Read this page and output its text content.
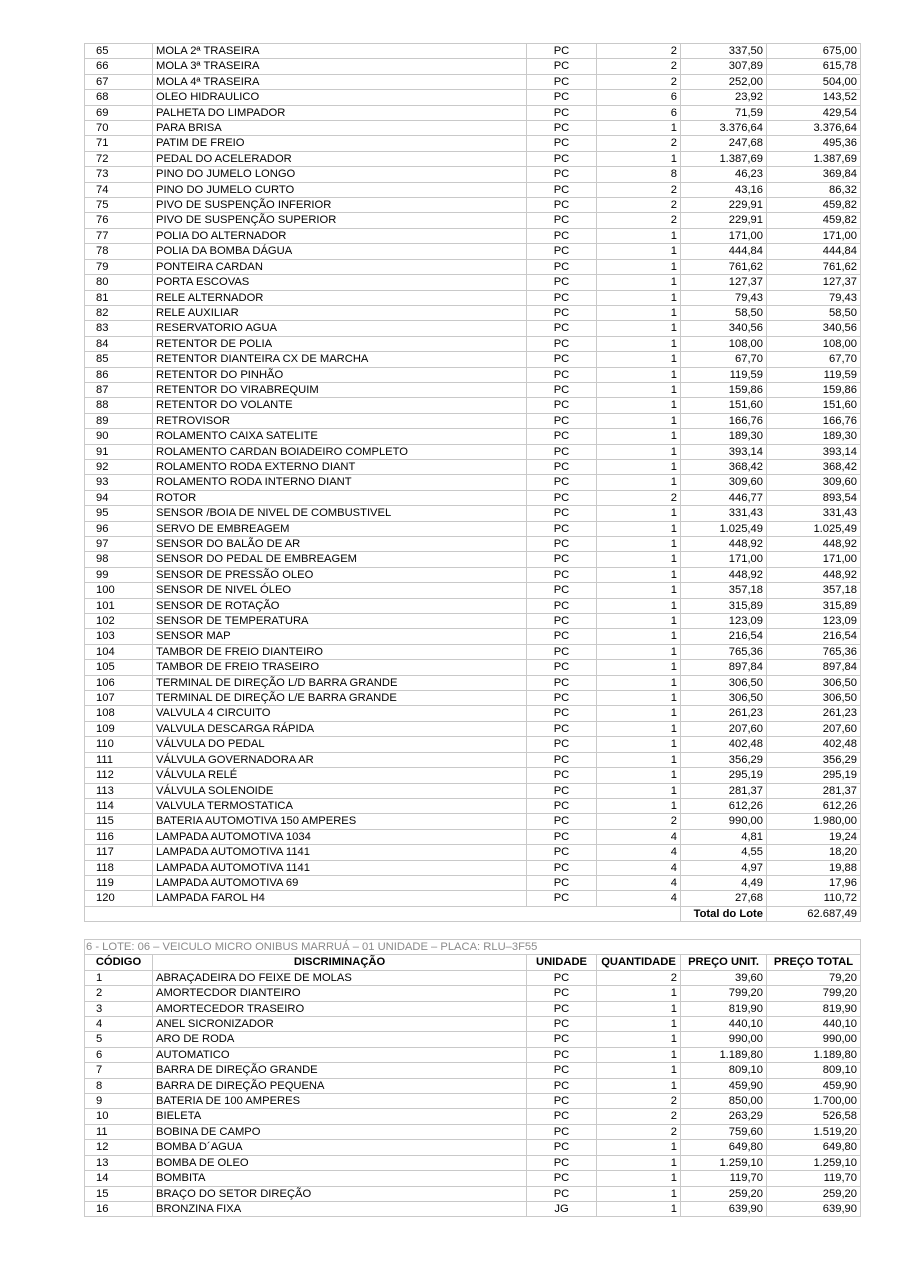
65	MOLA 2ª TRASEIRA	PC	2	337,50	675,00
66	MOLA 3ª TRASEIRA	PC	2	307,89	615,78
67	MOLA 4ª TRASEIRA	PC	2	252,00	504,00
68	OLEO HIDRAULICO	PC	6	23,92	143,52
69	PALHETA DO LIMPADOR	PC	6	71,59	429,54
70	PARA BRISA	PC	1	3.376,64	3.376,64
71	PATIM DE FREIO	PC	2	247,68	495,36
72	PEDAL DO ACELERADOR	PC	1	1.387,69	1.387,69
73	PINO DO JUMELO LONGO	PC	8	46,23	369,84
74	PINO DO JUMELO CURTO	PC	2	43,16	86,32
75	PIVO DE SUSPENÇÃO INFERIOR	PC	2	229,91	459,82
76	PIVO DE SUSPENÇÃO SUPERIOR	PC	2	229,91	459,82
77	POLIA DO ALTERNADOR	PC	1	171,00	171,00
78	POLIA DA BOMBA DÁGUA	PC	1	444,84	444,84
79	PONTEIRA CARDAN	PC	1	761,62	761,62
80	PORTA ESCOVAS	PC	1	127,37	127,37
81	RELE ALTERNADOR	PC	1	79,43	79,43
82	RELE AUXILIAR	PC	1	58,50	58,50
83	RESERVATORIO AGUA	PC	1	340,56	340,56
84	RETENTOR DE POLIA	PC	1	108,00	108,00
85	RETENTOR DIANTEIRA CX DE MARCHA	PC	1	67,70	67,70
86	RETENTOR DO PINHÃO	PC	1	119,59	119,59
87	RETENTOR DO VIRABREQUIM	PC	1	159,86	159,86
88	RETENTOR DO VOLANTE	PC	1	151,60	151,60
89	RETROVISOR	PC	1	166,76	166,76
90	ROLAMENTO CAIXA SATELITE	PC	1	189,30	189,30
91	ROLAMENTO CARDAN BOIADEIRO COMPLETO	PC	1	393,14	393,14
92	ROLAMENTO RODA EXTERNO DIANT	PC	1	368,42	368,42
93	ROLAMENTO RODA INTERNO DIANT	PC	1	309,60	309,60
94	ROTOR	PC	2	446,77	893,54
95	SENSOR /BOIA DE NIVEL DE COMBUSTIVEL	PC	1	331,43	331,43
96	SERVO DE EMBREAGEM	PC	1	1.025,49	1.025,49
97	SENSOR DO BALÃO DE AR	PC	1	448,92	448,92
98	SENSOR DO PEDAL DE EMBREAGEM	PC	1	171,00	171,00
99	SENSOR DE PRESSÃO OLEO	PC	1	448,92	448,92
100	SENSOR DE NIVEL ÓLEO	PC	1	357,18	357,18
101	SENSOR DE ROTAÇÃO	PC	1	315,89	315,89
102	SENSOR DE TEMPERATURA	PC	1	123,09	123,09
103	SENSOR MAP	PC	1	216,54	216,54
104	TAMBOR DE FREIO DIANTEIRO	PC	1	765,36	765,36
105	TAMBOR DE FREIO TRASEIRO	PC	1	897,84	897,84
106	TERMINAL DE DIREÇÃO L/D BARRA GRANDE	PC	1	306,50	306,50
107	TERMINAL DE DIREÇÃO L/E BARRA GRANDE	PC	1	306,50	306,50
108	VALVULA 4 CIRCUITO	PC	1	261,23	261,23
109	VALVULA DESCARGA RÁPIDA	PC	1	207,60	207,60
110	VÁLVULA DO PEDAL	PC	1	402,48	402,48
111	VÁLVULA GOVERNADORA AR	PC	1	356,29	356,29
112	VÁLVULA RELÉ	PC	1	295,19	295,19
113	VÁLVULA SOLENOIDE	PC	1	281,37	281,37
114	VALVULA TERMOSTATICA	PC	1	612,26	612,26
115	BATERIA AUTOMOTIVA 150 AMPERES	PC	2	990,00	1.980,00
116	LAMPADA AUTOMOTIVA 1034	PC	4	4,81	19,24
117	LAMPADA AUTOMOTIVA 1141	PC	4	4,55	18,20
118	LAMPADA AUTOMOTIVA 1141	PC	4	4,97	19,88
119	LAMPADA AUTOMOTIVA 69	PC	4	4,49	17,96
120	LAMPADA FAROL H4	PC	4	27,68	110,72
				Total do Lote	62.687,49
6 - LOTE: 06 – VEICULO MICRO ONIBUS MARRUÁ – 01 UNIDADE – PLACA: RLU–3F55					
CÓDIGO	DISCRIMINAÇÃO	UNIDADE	QUANTIDADE	PREÇO UNIT.	PREÇO TOTAL
1	ABRAÇADEIRA DO FEIXE DE MOLAS	PC	2	39,60	79,20
2	AMORTECDOR DIANTEIRO	PC	1	799,20	799,20
3	AMORTECEDOR TRASEIRO	PC	1	819,90	819,90
4	ANEL SICRONIZADOR	PC	1	440,10	440,10
5	ARO DE RODA	PC	1	990,00	990,00
6	AUTOMATICO	PC	1	1.189,80	1.189,80
7	BARRA DE DIREÇÃO GRANDE	PC	1	809,10	809,10
8	BARRA DE DIREÇÃO PEQUENA	PC	1	459,90	459,90
9	BATERIA DE 100 AMPERES	PC	2	850,00	1.700,00
10	BIELETA	PC	2	263,29	526,58
11	BOBINA DE CAMPO	PC	2	759,60	1.519,20
12	BOMBA D´AGUA	PC	1	649,80	649,80
13	BOMBA DE OLEO	PC	1	1.259,10	1.259,10
14	BOMBITA	PC	1	119,70	119,70
15	BRAÇO DO SETOR DIREÇÃO	PC	1	259,20	259,20
16	BRONZINA FIXA	JG	1	639,90	639,90
